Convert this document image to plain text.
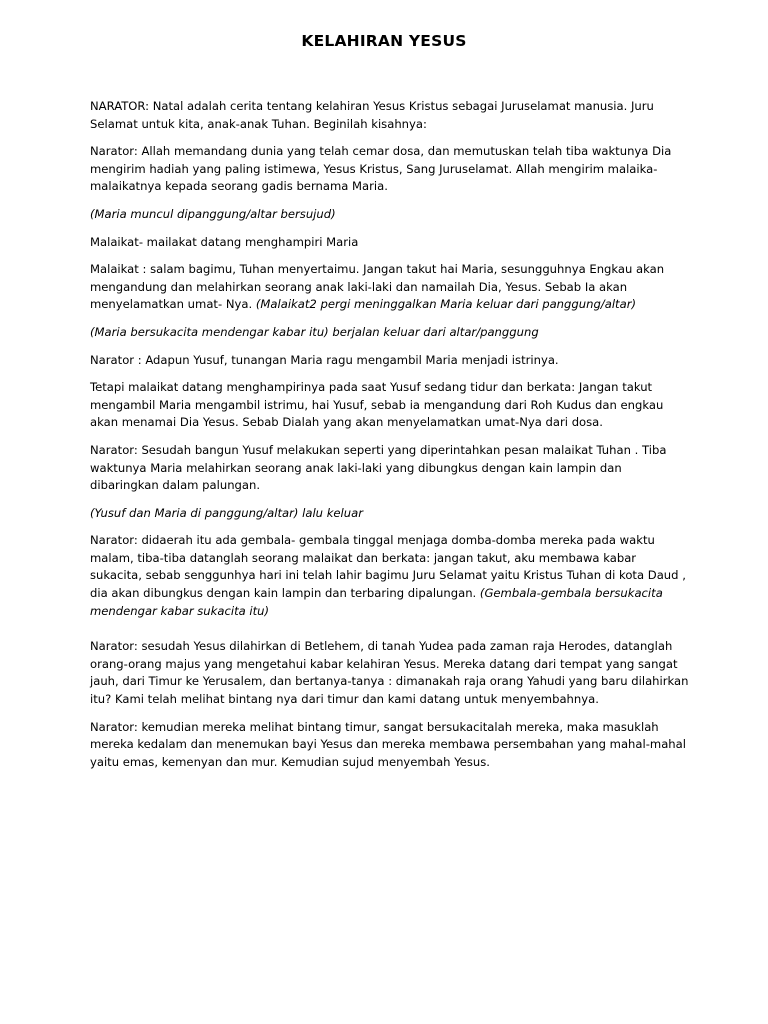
KELAHIRAN YESUS

NARATOR: Natal adalah cerita tentang kelahiran Yesus Kristus sebagai Juruselamat manusia. Juru Selamat untuk kita, anak-anak Tuhan. Beginilah kisahnya:

Narator: Allah memandang dunia yang telah cemar dosa, dan memutuskan telah tiba waktunya Dia mengirim hadiah yang paling istimewa, Yesus Kristus, Sang Juruselamat. Allah mengirim malaika-malaikatnya kepada seorang gadis bernama Maria.

(Maria muncul dipanggung/altar bersujud)

Malaikat- mailakat datang menghampiri Maria

Malaikat : salam bagimu, Tuhan menyertaimu. Jangan takut hai Maria, sesungguhnya Engkau akan mengandung dan melahirkan seorang anak laki-laki dan namailah Dia, Yesus. Sebab Ia akan menyelamatkan umat- Nya. (Malaikat2 pergi meninggalkan Maria keluar dari panggung/altar)

(Maria bersukacita mendengar kabar itu) berjalan keluar dari altar/panggung

Narator : Adapun Yusuf, tunangan Maria ragu mengambil Maria menjadi istrinya.

Tetapi malaikat datang menghampirinya pada saat Yusuf sedang tidur dan berkata: Jangan takut mengambil Maria mengambil istrimu, hai Yusuf, sebab ia mengandung dari Roh Kudus dan engkau akan menamai Dia Yesus. Sebab Dialah yang akan menyelamatkan umat-Nya dari dosa.

Narator: Sesudah bangun Yusuf melakukan seperti yang diperintahkan pesan malaikat Tuhan . Tiba waktunya Maria melahirkan seorang anak laki-laki yang dibungkus dengan kain lampin dan dibaringkan dalam palungan.

(Yusuf dan Maria di panggung/altar) lalu keluar

Narator: didaerah itu ada gembala- gembala tinggal menjaga domba-domba mereka pada waktu malam, tiba-tiba datanglah seorang malaikat dan berkata: jangan takut, aku membawa kabar sukacita, sebab senggunhya hari ini telah lahir bagimu Juru Selamat yaitu Kristus Tuhan di kota Daud , dia akan dibungkus dengan kain lampin dan terbaring dipalungan. (Gembala-gembala bersukacita mendengar kabar sukacita itu)

Narator: sesudah Yesus dilahirkan di Betlehem, di tanah Yudea pada zaman raja Herodes, datanglah orang-orang majus yang mengetahui kabar kelahiran Yesus. Mereka datang dari tempat yang sangat jauh, dari Timur ke Yerusalem, dan bertanya-tanya : dimanakah raja orang Yahudi yang baru dilahirkan itu? Kami telah melihat bintang nya dari timur dan kami datang untuk menyembahnya.

Narator: kemudian mereka melihat bintang timur, sangat bersukacitalah mereka, maka masuklah mereka kedalam dan menemukan bayi Yesus dan mereka membawa persembahan yang mahal-mahal yaitu emas, kemenyan dan mur. Kemudian sujud menyembah Yesus.
